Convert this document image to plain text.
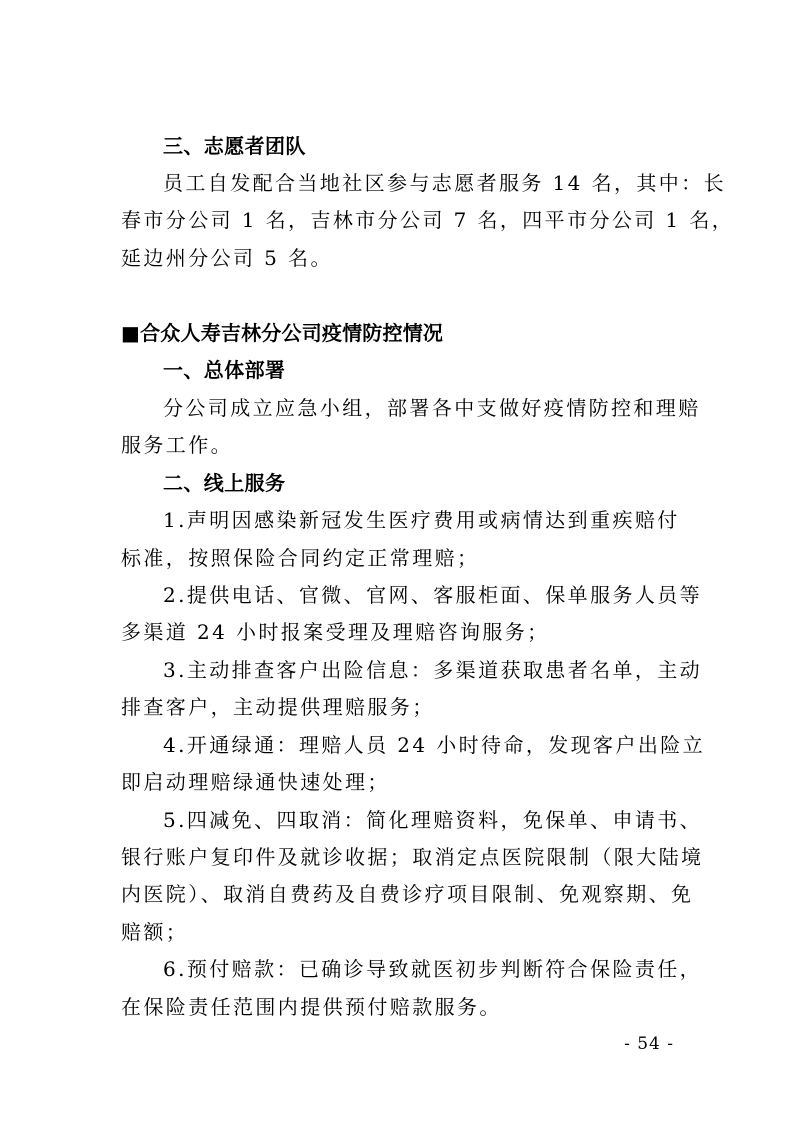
三、志愿者团队
员工自发配合当地社区参与志愿者服务 14 名，其中：长
春市分公司 1 名，吉林市分公司 7 名，四平市分公司 1 名，
延边州分公司 5 名。
■合众人寿吉林分公司疫情防控情况
一、总体部署
分公司成立应急小组，部署各中支做好疫情防控和理赔
服务工作。
二、线上服务
1.声明因感染新冠发生医疗费用或病情达到重疾赔付
标准，按照保险合同约定正常理赔；
2.提供电话、官微、官网、客服柜面、保单服务人员等
多渠道 24 小时报案受理及理赔咨询服务；
3.主动排查客户出险信息：多渠道获取患者名单，主动
排查客户，主动提供理赔服务；
4.开通绿通：理赔人员 24 小时待命，发现客户出险立
即启动理赔绿通快速处理；
5.四减免、四取消：简化理赔资料，免保单、申请书、
银行账户复印件及就诊收据；取消定点医院限制（限大陆境
内医院）、取消自费药及自费诊疗项目限制、免观察期、免
赔额；
6.预付赔款：已确诊导致就医初步判断符合保险责任，
在保险责任范围内提供预付赔款服务。
- 54 -
